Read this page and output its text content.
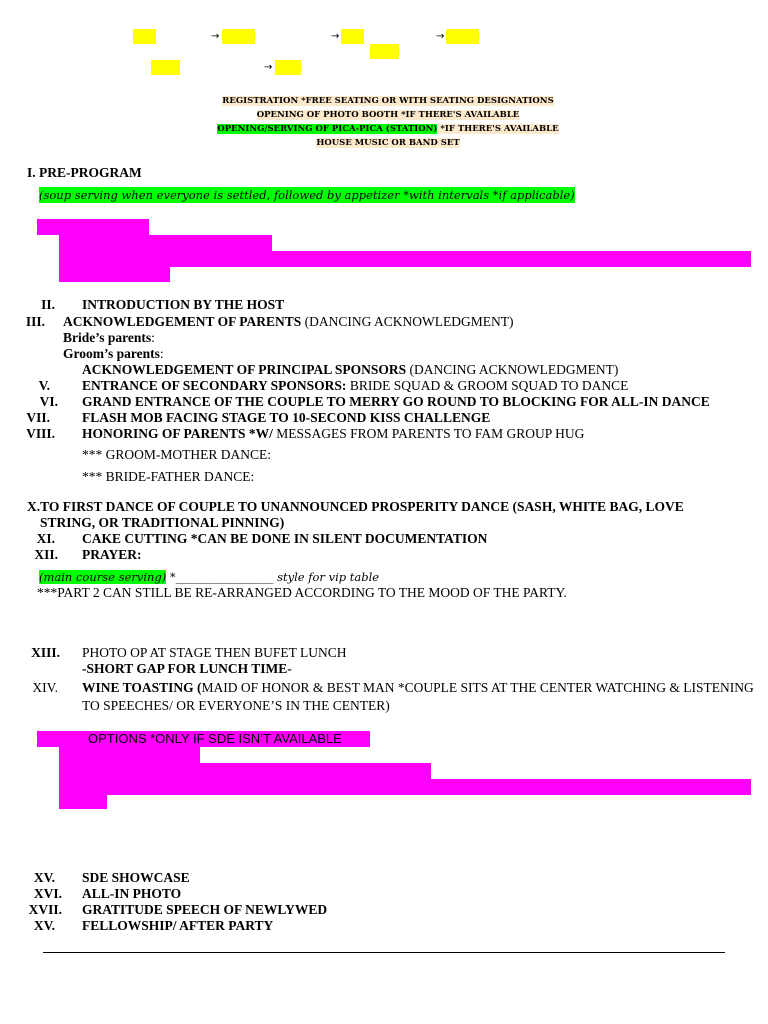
→	→	→
→
REGISTRATION *FREE SEATING OR WITH SEATING DESIGNATIONS
OPENING OF PHOTO BOOTH *IF THERE'S AVAILABLE
OPENING/SERVING OF PICA-PICA (STATION) *IF THERE'S AVAILABLE
HOUSE MUSIC OR BAND SET
I. PRE-PROGRAM
(soup serving when everyone is settled, followed by appetizer *with intervals *if applicable)
II. INTRODUCTION BY THE HOST
III. ACKNOWLEDGEMENT OF PARENTS (DANCING ACKNOWLEDGMENT)
Bride’s parents:
Groom’s parents:
ACKNOWLEDGEMENT OF PRINCIPAL SPONSORS (DANCING ACKNOWLEDGMENT)
V. ENTRANCE OF SECONDARY SPONSORS: BRIDE SQUAD & GROOM SQUAD TO DANCE
VI. GRAND ENTRANCE OF THE COUPLE TO MERRY GO ROUND TO BLOCKING FOR ALL-IN DANCE
VII. FLASH MOB FACING STAGE TO 10-SECOND KISS CHALLENGE
VIII. HONORING OF PARENTS *W/ MESSAGES FROM PARENTS TO FAM GROUP HUG
*** GROOM-MOTHER DANCE:
*** BRIDE-FATHER DANCE:
X.TO FIRST DANCE OF COUPLE TO UNANNOUNCED PROSPERITY DANCE (SASH, WHITE BAG, LOVE
STRING, OR TRADITIONAL PINNING)
XI. CAKE CUTTING *CAN BE DONE IN SILENT DOCUMENTATION
XII. PRAYER:
(main course serving) *_________________ style for vip table
***PART 2 CAN STILL BE RE-ARRANGED ACCORDING TO THE MOOD OF THE PARTY.
XIII. PHOTO OP AT STAGE THEN BUFET LUNCH
-SHORT GAP FOR LUNCH TIME-
XIV. WINE TOASTING (MAID OF HONOR & BEST MAN *COUPLE SITS AT THE CENTER WATCHING & LISTENING
TO SPEECHES/ OR EVERYONE’S IN THE CENTER)
OPTIONS *ONLY IF SDE ISN’T AVAILABLE
XV. SDE SHOWCASE
XVI. ALL-IN PHOTO
XVII. GRATITUDE SPEECH OF NEWLYWED
XV. FELLOWSHIP/ AFTER PARTY
